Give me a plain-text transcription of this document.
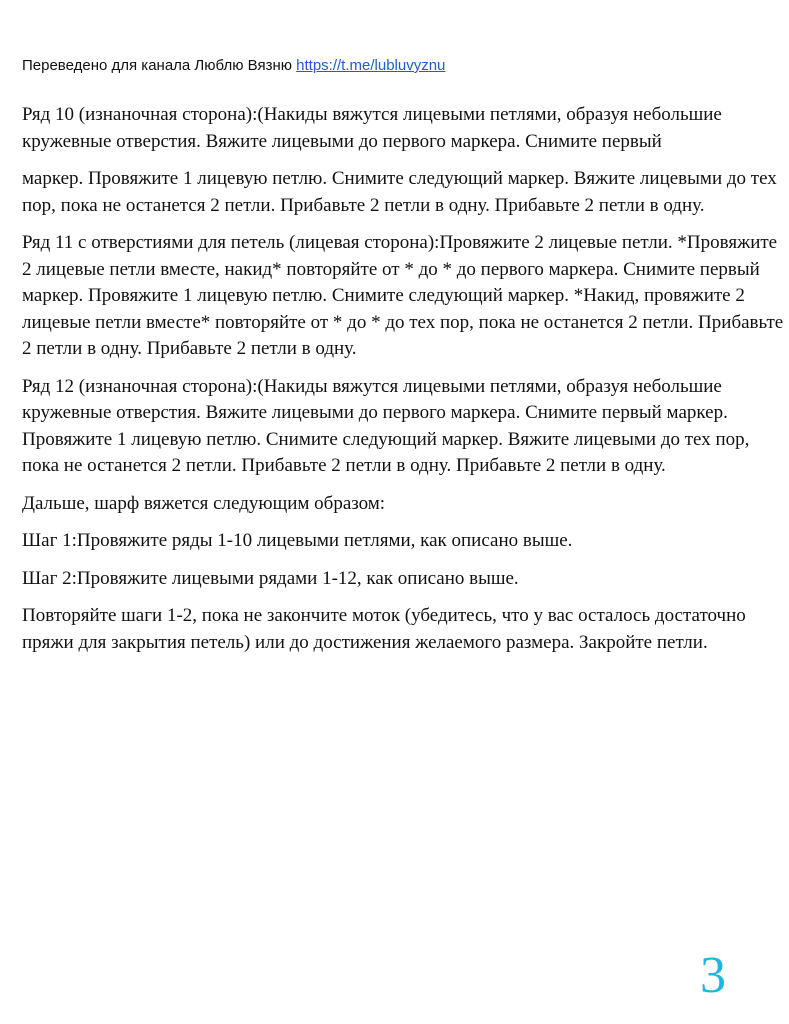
Переведено для канала Люблю Вязню https://t.me/lubluvyznu

Ряд 10 (изнаночная сторона):(Накиды вяжутся лицевыми петлями, образуя небольшие кружевные отверстия. Вяжите лицевыми до первого маркера. Снимите первый

маркер. Провяжите 1 лицевую петлю. Снимите следующий маркер. Вяжите лицевыми до тех пор, пока не останется 2 петли. Прибавьте 2 петли в одну. Прибавьте 2 петли в одну.

Ряд 11 с отверстиями для петель (лицевая сторона):Провяжите 2 лицевые петли. *Провяжите 2 лицевые петли вместе, накид* повторяйте от * до * до первого маркера. Снимите первый маркер. Провяжите 1 лицевую петлю. Снимите следующий маркер. *Накид, провяжите 2 лицевые петли вместе* повторяйте от * до * до тех пор, пока не останется 2 петли. Прибавьте 2 петли в одну. Прибавьте 2 петли в одну.

Ряд 12 (изнаночная сторона):(Накиды вяжутся лицевыми петлями, образуя небольшие кружевные отверстия. Вяжите лицевыми до первого маркера. Снимите первый маркер. Провяжите 1 лицевую петлю. Снимите следующий маркер. Вяжите лицевыми до тех пор, пока не останется 2 петли. Прибавьте 2 петли в одну. Прибавьте 2 петли в одну.

Дальше, шарф вяжется следующим образом:

Шаг 1:Провяжите ряды 1-10 лицевыми петлями, как описано выше.

Шаг 2:Провяжите лицевыми рядами 1-12, как описано выше.

Повторяйте шаги 1-2, пока не закончите моток (убедитесь, что у вас осталось достаточно пряжи для закрытия петель) или до достижения желаемого размера. Закройте петли.

3
